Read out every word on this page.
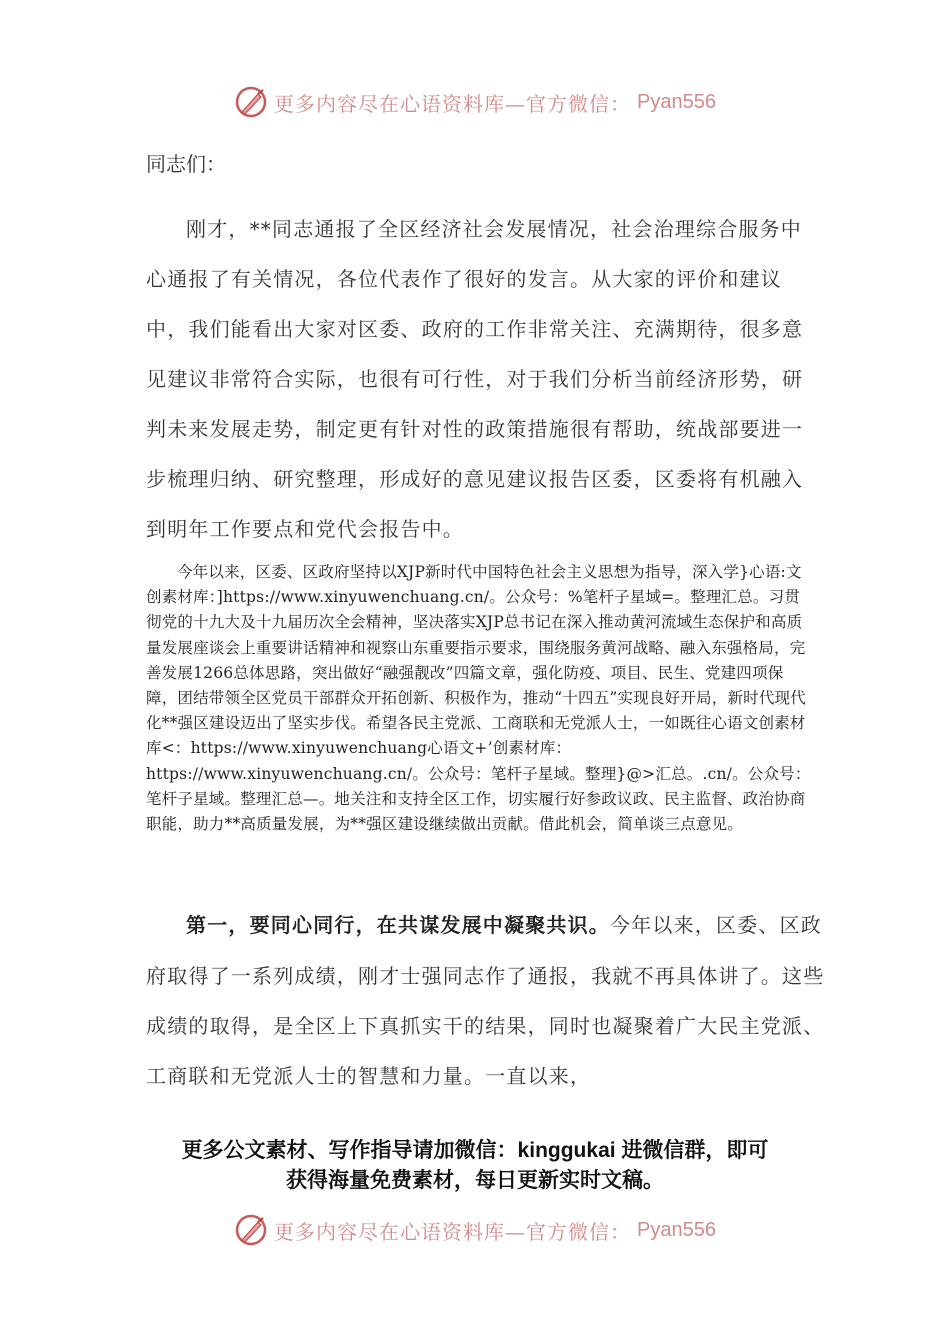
更多内容尽在心语资料库—官方微信： Pyan556
同志们：

刚才，**同志通报了全区经济社会发展情况，社会治理综合服务中心通报了有关情况，各位代表作了很好的发言。从大家的评价和建议中，我们能看出大家对区委、政府的工作非常关注、充满期待，很多意见建议非常符合实际，也很有可行性，对于我们分析当前经济形势，研判未来发展走势，制定更有针对性的政策措施很有帮助，统战部要进一步梳理归纳、研究整理，形成好的意见建议报告区委，区委将有机融入到明年工作要点和党代会报告中。

今年以来，区委、区政府坚持以XJP新时代中国特色社会主义思想为指导，深入学}心语:文创素材库：]https://www.xinyuwenchuang.cn/。公众号：%笔杆子星域=。整理汇总。习贯彻党的十九大及十九届历次全会精神，坚决落实XJP总书记在深入推动黄河流域生态保护和高质量发展座谈会上重要讲话精神和视察山东重要指示要求，围绕服务黄河战略、融入东强格局，完善发展1266总体思路，突出做好“融强靓改”四篇文章，强化防疫、项目、民生、党建四项保障，团结带领全区党员干部群众开拓创新、积极作为，推动“十四五”实现良好开局，新时代现代化**强区建设迈出了坚实步伐。希望各民主党派、工商联和无党派人士，一如既往心语文创素材库<：https://www.xinyuwenchuang心语文+’创素材库：https://www.xinyuwenchuang.cn/。公众号：笔杆子星域。整理}@>汇总。.cn/。公众号：笔杆子星域。整理汇总—。地关注和支持全区工作，切实履行好参政议政、民主监督、政治协商职能，助力**高质量发展，为**强区建设继续做出贡献。借此机会，简单谈三点意见。

第一，要同心同行，在共谋发展中凝聚共识。今年以来，区委、区政府取得了一系列成绩，刚才士强同志作了通报，我就不再具体讲了。这些成绩的取得，是全区上下真抓实干的结果，同时也凝聚着广大民主党派、工商联和无党派人士的智慧和力量。一直以来，

更多公文素材、写作指导请加微信：kinggukai 进微信群，即可
获得海量免费素材，每日更新实时文稿。
更多内容尽在心语资料库—官方微信： Pyan556
